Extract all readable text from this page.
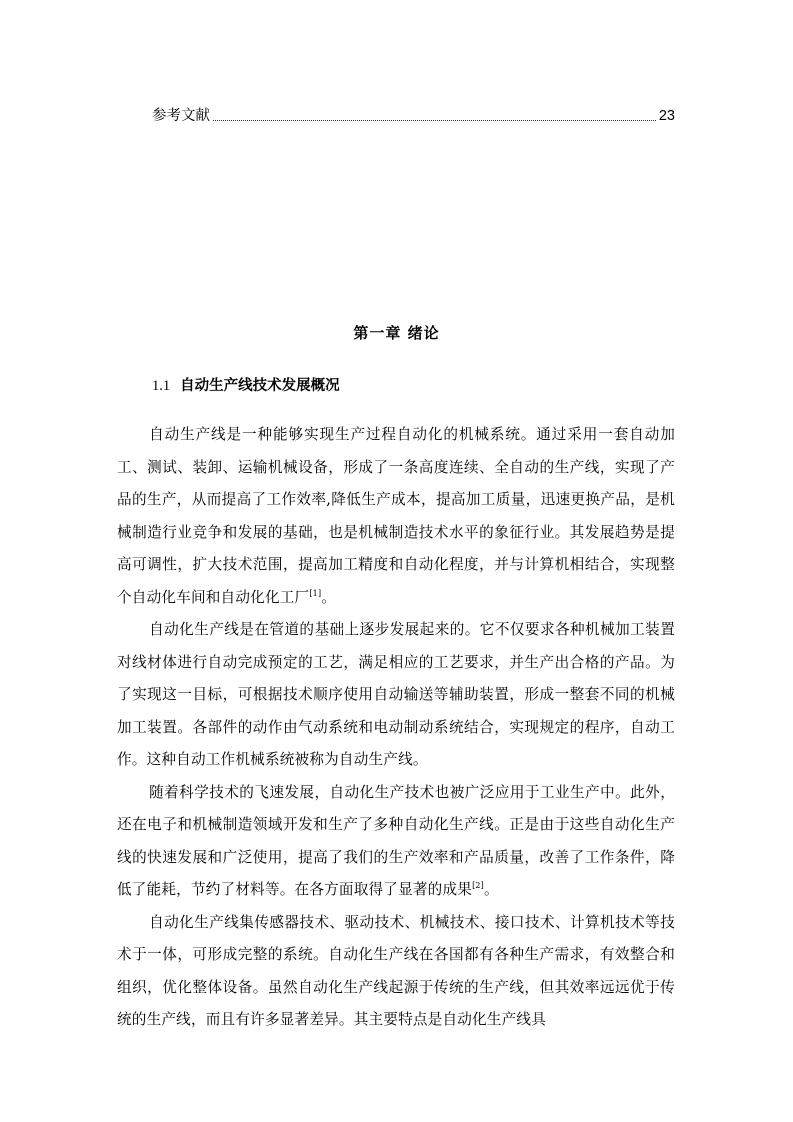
参考文献	23
第一章 绪论
1.1 自动生产线技术发展概况

自动生产线是一种能够实现生产过程自动化的机械系统。通过采用一套自动加工、测试、装卸、运输机械设备，形成了一条高度连续、全自动的生产线，实现了产品的生产，从而提高了工作效率,降低生产成本，提高加工质量，迅速更换产品，是机械制造行业竞争和发展的基础，也是机械制造技术水平的象征行业。其发展趋势是提高可调性，扩大技术范围，提高加工精度和自动化程度，并与计算机相结合，实现整个自动化车间和自动化化工厂[1]。

自动化生产线是在管道的基础上逐步发展起来的。它不仅要求各种机械加工装置对线材体进行自动完成预定的工艺，满足相应的工艺要求，并生产出合格的产品。为了实现这一目标，可根据技术顺序使用自动输送等辅助装置，形成一整套不同的机械加工装置。各部件的动作由气动系统和电动制动系统结合，实现规定的程序，自动工作。这种自动工作机械系统被称为自动生产线。

随着科学技术的飞速发展，自动化生产技术也被广泛应用于工业生产中。此外，还在电子和机械制造领域开发和生产了多种自动化生产线。正是由于这些自动化生产线的快速发展和广泛使用，提高了我们的生产效率和产品质量，改善了工作条件，降低了能耗，节约了材料等。在各方面取得了显著的成果[2]。

自动化生产线集传感器技术、驱动技术、机械技术、接口技术、计算机技术等技术于一体，可形成完整的系统。自动化生产线在各国都有各种生产需求，有效整合和组织，优化整体设备。虽然自动化生产线起源于传统的生产线，但其效率远远优于传统的生产线，而且有许多显著差异。其主要特点是自动化生产线具
